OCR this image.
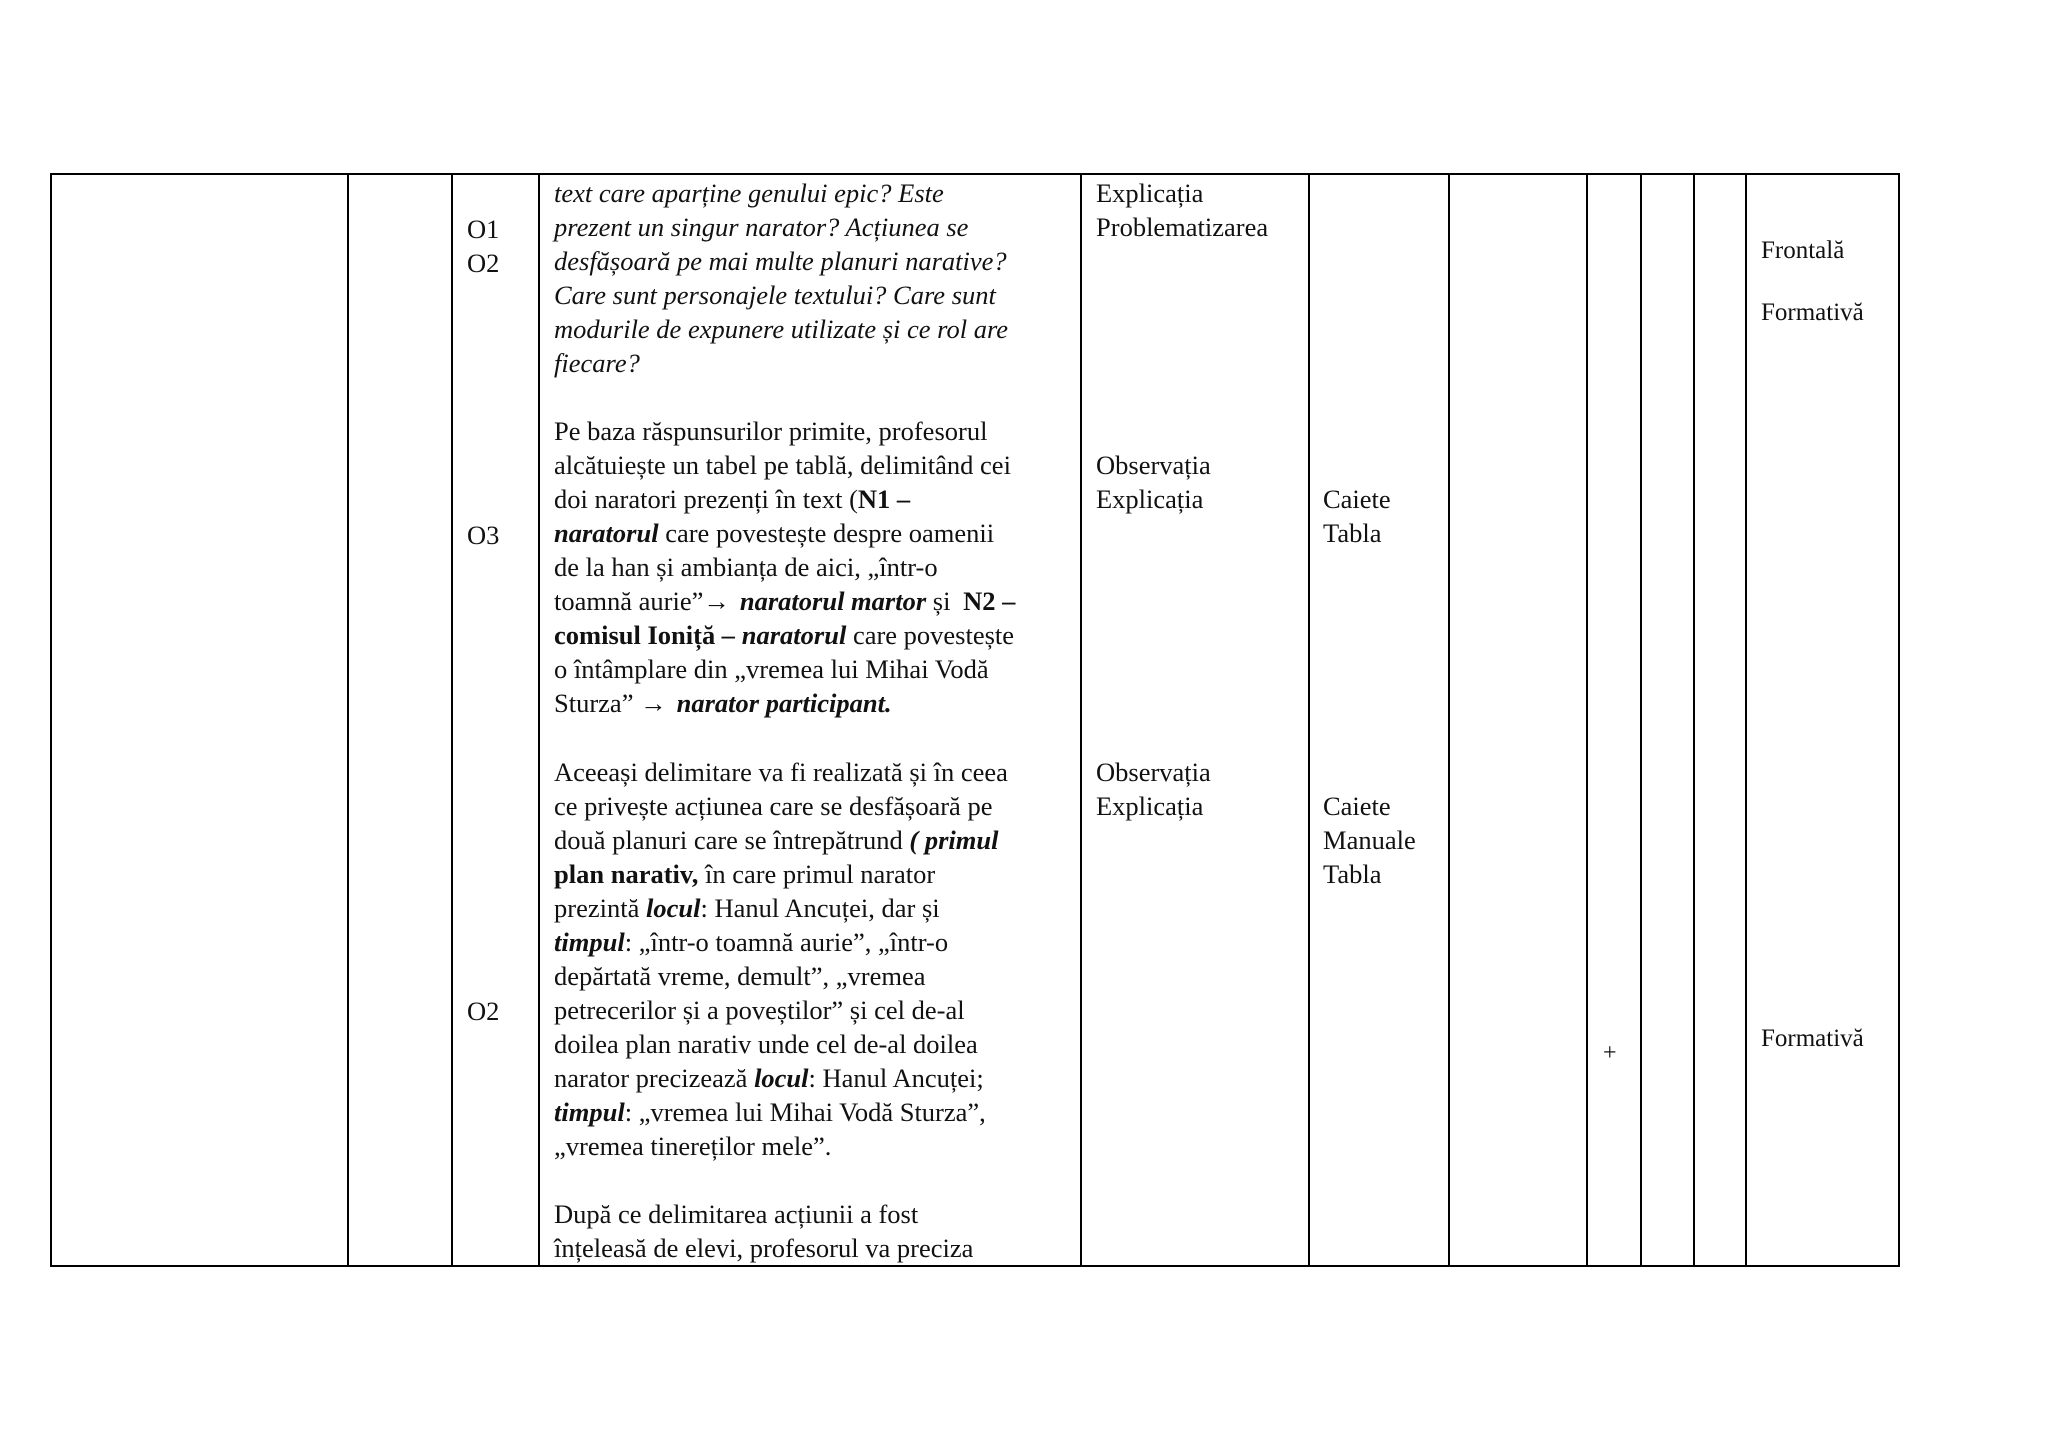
O1
O2
O3
O2
text care aparține genului epic? Este
prezent un singur narator? Acțiunea se
desfășoară pe mai multe planuri narative?
Care sunt personajele textului? Care sunt
modurile de expunere utilizate și ce rol are
fiecare?
Pe baza răspunsurilor primite, profesorul
alcătuiește un tabel pe tablă, delimitând cei
doi naratori prezenți în text (N1 –
naratorul care povestește despre oamenii
de la han și ambianța de aici, „într-o
toamnă aurie”→ naratorul martor și N2 –
comisul Ioniță – naratorul care povestește
o întâmplare din „vremea lui Mihai Vodă
Sturza” → narator participant.
Aceeași delimitare va fi realizată și în ceea
ce privește acțiunea care se desfășoară pe
două planuri care se întrepătrund ( primul
plan narativ, în care primul narator
prezintă locul: Hanul Ancuței, dar și
timpul: „într-o toamnă aurie”, „într-o
depărtată vreme, demult”, „vremea
petrecerilor și a poveștilor” și cel de-al
doilea plan narativ unde cel de-al doilea
narator precizează locul: Hanul Ancuței;
timpul: „vremea lui Mihai Vodă Sturza”,
„vremea tinereților mele”.
După ce delimitarea acțiunii a fost
înțeleasă de elevi, profesorul va preciza
Explicația
Problematizarea
Observația
Explicația
Observația
Explicația
Caiete
Tabla
Caiete
Manuale
Tabla
+
Frontală
Formativă
Formativă
